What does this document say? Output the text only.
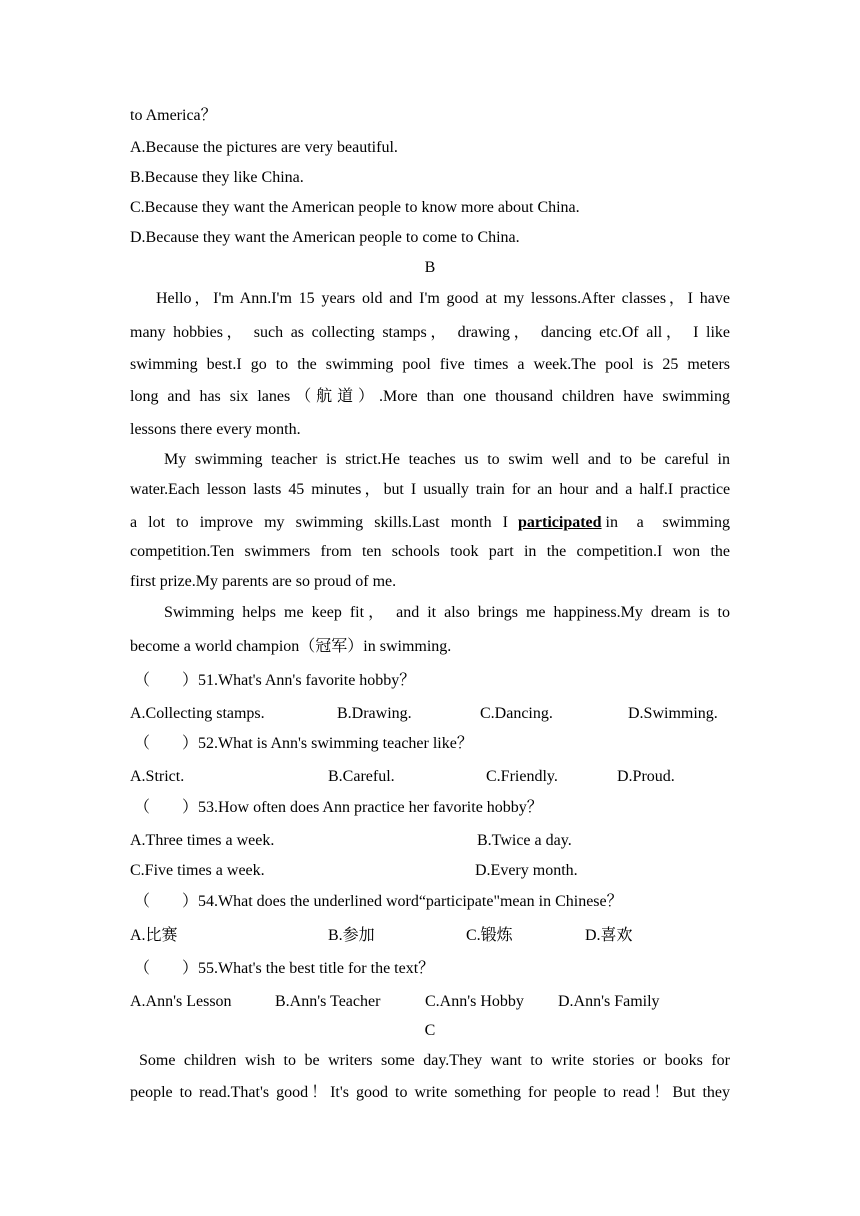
to America？
A.Because the pictures are very beautiful.
B.Because they like China.
C.Because they want the American people to know more about China.
D.Because they want the American people to come to China.
B
Hello，I'm Ann.I'm 15 years old and I'm good at my lessons.After classes，I have
many hobbies， such as collecting stamps， drawing， dancing etc.Of all， I like
swimming best.I go to the swimming pool five times a week.The pool is 25 meters
long and has six lanes（航道）.More than one thousand children have swimming
lessons there every month.
My swimming teacher is strict.He teaches us to swim well and to be careful in
water.Each lesson lasts 45 minutes，but I usually train for an hour and a half.I practice
a lot to improve my swimming skills.Last month I participated in a swimming
competition.Ten swimmers from ten schools took part in the competition.I won the
first prize.My parents are so proud of me.
Swimming helps me keep fit， and it also brings me happiness.My dream is to
become a world champion（冠军）in swimming.
（　　）51.What's Ann's favorite hobby？
A.Collecting stamps.	B.Drawing.	C.Dancing.	D.Swimming.
（　　）52.What is Ann's swimming teacher like？
A.Strict.	B.Careful.	C.Friendly.	D.Proud.
（　　）53.How often does Ann practice her favorite hobby？
A.Three times a week.	B.Twice a day.
C.Five times a week.	D.Every month.
（　　）54.What does the underlined word“participate"mean in Chinese？
A.比赛	B.参加	C.锻炼	D.喜欢
（　　）55.What's the best title for the text？
A.Ann's Lesson	B.Ann's Teacher	C.Ann's Hobby D.Ann's Family
C
Some children wish to be writers some day.They want to write stories or books for
people to read.That's good！It's good to write something for people to read！But they
